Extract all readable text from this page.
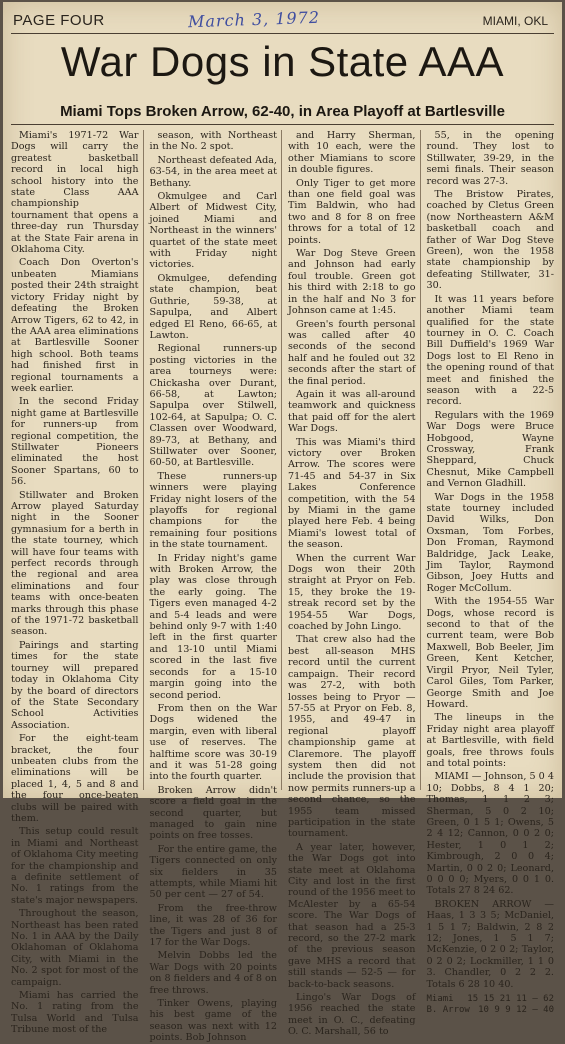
PAGE FOUR	March 3, 1972	MIAMI, OKL
War Dogs in State AAA
Miami Tops Broken Arrow, 62-40, in Area Playoff at Bartlesville

Miami's 1971-72 War Dogs will carry the greatest basketball record in local high school history into the state Class AAA championship tournament that opens a three-day run Thursday at the State Fair arena in Oklahoma City.

Coach Don Overton's unbeaten Miamians posted their 24th straight victory Friday night by defeating the Broken Arrow Tigers, 62 to 42, in the AAA area eliminations at Bartlesville Sooner high school. Both teams had finished first in regional tournaments a week earlier.

In the second Friday night game at Bartlesville for runners-up from regional competition, the Stillwater Pioneers eliminated the host Sooner Spartans, 60 to 56.

Stillwater and Broken Arrow played Saturday night in the Sooner gymnasium for a berth in the state tourney, which will have four teams with perfect records through the regional and area eliminations and four teams with once-beaten marks through this phase of the 1971-72 basketball season.

Pairings and starting times for the state tourney will prepared today in Oklahoma City by the board of directors of the State Secondary School Activities Association.

For the eight-team bracket, the four unbeaten clubs from the eliminations will be placed 1, 4, 5 and 8 and the four once-beaten clubs will be paired with them.

This setup could result in Miami and Northeast of Oklahoma City meeting for the championship and a definite settlement of No. 1 ratings from the state's major newspapers.

Throughout the season, Northeast has been rated No. 1 in AAA by the Daily Oklahoman of Oklahoma City, with Miami in the No. 2 spot for most of the campaign.

Miami has carried the No. 1 rating from the Tulsa World and Tulsa Tribune most of the

season, with Northeast in the No. 2 spot.

Northeast defeated Ada, 63-54, in the area meet at Bethany.

Okmulgee and Carl Albert of Midwest City, joined Miami and Northeast in the winners' quartet of the state meet with Friday night victories.

Okmulgee, defending state champion, beat Guthrie, 59-38, at Sapulpa, and Albert edged El Reno, 66-65, at Lawton.

Regional runners-up posting victories in the area tourneys were: Chickasha over Durant, 66-58, at Lawton; Sapulpa over Stilwell, 102-64, at Sapulpa; O. C. Classen over Woodward, 89-73, at Bethany, and Stillwater over Sooner, 60-50, at Bartlesville.

These runners-up winners were playing Friday night losers of the playoffs for regional champions for the remaining four positions in the state tournament.

In Friday night's game with Broken Arrow, the play was close through the early going. The Tigers even managed 4-2 and 5-4 leads and were behind only 9-7 with 1:40 left in the first quarter and 13-10 until Miami scored in the last five seconds for a 15-10 margin going into the second period.

From then on the War Dogs widened the margin, even with liberal use of reserves. The halftime score was 30-19 and it was 51-28 going into the fourth quarter.

Broken Arrow didn't score a field goal in the second quarter, but managed to gain nine points on free tosses.

For the entire game, the Tigers connected on only six fielders in 35 attempts, while Miami hit 50 per cent — 27 of 54.

From the free-throw line, it was 28 of 36 for the Tigers and just 8 of 17 for the War Dogs.

Melvin Dobbs led the War Dogs with 20 points on 8 fielders and 4 of 8 on free throws.

Tinker Owens, playing his best game of the season was next with 12 points. Bob Johnson

and Harry Sherman, with 10 each, were the other Miamians to score in double figures.

Only Tiger to get more than one field goal was Tim Baldwin, who had two and 8 for 8 on free throws for a total of 12 points.

War Dog Steve Green and Johnson had early foul trouble. Green got his third with 2:18 to go in the half and No 3 for Johnson came at 1:45.

Green's fourth personal was called after 40 seconds of the second half and he fouled out 32 seconds after the start of the final period.

Again it was all-around teamwork and quickness that paid off for the alert War Dogs.

This was Miami's third victory over Broken Arrow. The scores were 71-45 and 54-37 in Six Lakes Conference competition, with the 54 by Miami in the game played here Feb. 4 being Miami's lowest total of the season.

When the current War Dogs won their 20th straight at Pryor on Feb. 15, they broke the 19-streak record set by the 1954-55 War Dogs, coached by John Lingo.

That crew also had the best all-season MHS record until the current campaign. Their record was 27-2, with both losses being to Pryor — 57-55 at Pryor on Feb. 8, 1955, and 49-47 in regional playoff championship game at Claremore. The playoff system then did not include the provision that now permits runners-up a second chance, so the 1955 team missed participation in the state tournament.

A year later, however, the War Dogs got into state meet at Oklahoma City and lost in the first round of the 1956 meet to McAlester by a 65-54 score. The War Dogs of that season had a 25-3 record, so the 27-2 mark of the previous season gave MHS a record that still stands — 52-5 — for back-to-back seasons.

Lingo's War Dogs of 1956 reached the state meet in O. C., defeating O. C. Marshall, 56 to

55, in the opening round. They lost to Stillwater, 39-29, in the semi finals. Their season record was 27-3.

The Bristow Pirates, coached by Cletus Green (now Northeastern A&M basketball coach and father of War Dog Steve Green), won the 1958 state championship by defeating Stillwater, 31-30.

It was 11 years before another Miami team qualified for the state tourney in O. C. Coach Bill Duffield's 1969 War Dogs lost to El Reno in the opening round of that meet and finished the season with a 22-5 record.

Regulars with the 1969 War Dogs were Bruce Hobgood, Wayne Crossway, Frank Sheppard, Chuck Chesnut, Mike Campbell and Vernon Gladhill.

War Dogs in the 1958 state tourney included David Wilks, Don Oxsman, Tom Forbes, Don Froman, Raymond Baldridge, Jack Leake, Jim Taylor, Raymond Gibson, Joey Hutts and Roger McCollum.

With the 1954-55 War Dogs, whose record is second to that of the current team, were Bob Maxwell, Bob Beeler, Jim Green, Kent Ketcher, Virgil Pryor, Neil Tyler, Carol Giles, Tom Parker, George Smith and Joe Howard.

The lineups in the Friday night area playoff at Bartlesville, with field goals, free throws fouls and total points:

MIAMI — Johnson, 5 0 4 10; Dobbs, 8 4 1 20; Thomas, 1 1 2 3; Sherman, 5 0 2 10; Green, 0 1 5 1; Owens, 5 2 4 12; Cannon, 0 0 2 0; Hester, 1 0 1 2; Kimbrough, 2 0 0 4; Martin, 0 0 2 0; Leonard, 0 0 0 0; Myers, 0 0 1 0. Totals 27 8 24 62.

BROKEN ARROW — Haas, 1 3 3 5; McDaniel, 1 5 1 7; Baldwin, 2 8 2 12; Jones, 1 5 1 7; McKenzie, 0 2 0 2; Taylor, 0 2 0 2; Lockmiller, 1 1 0 3. Chandler, 0 2 2 2. Totals 6 28 10 40.

Miami 15 15 21 11 — 62
B. Arrow 10 9 9 12 — 40
